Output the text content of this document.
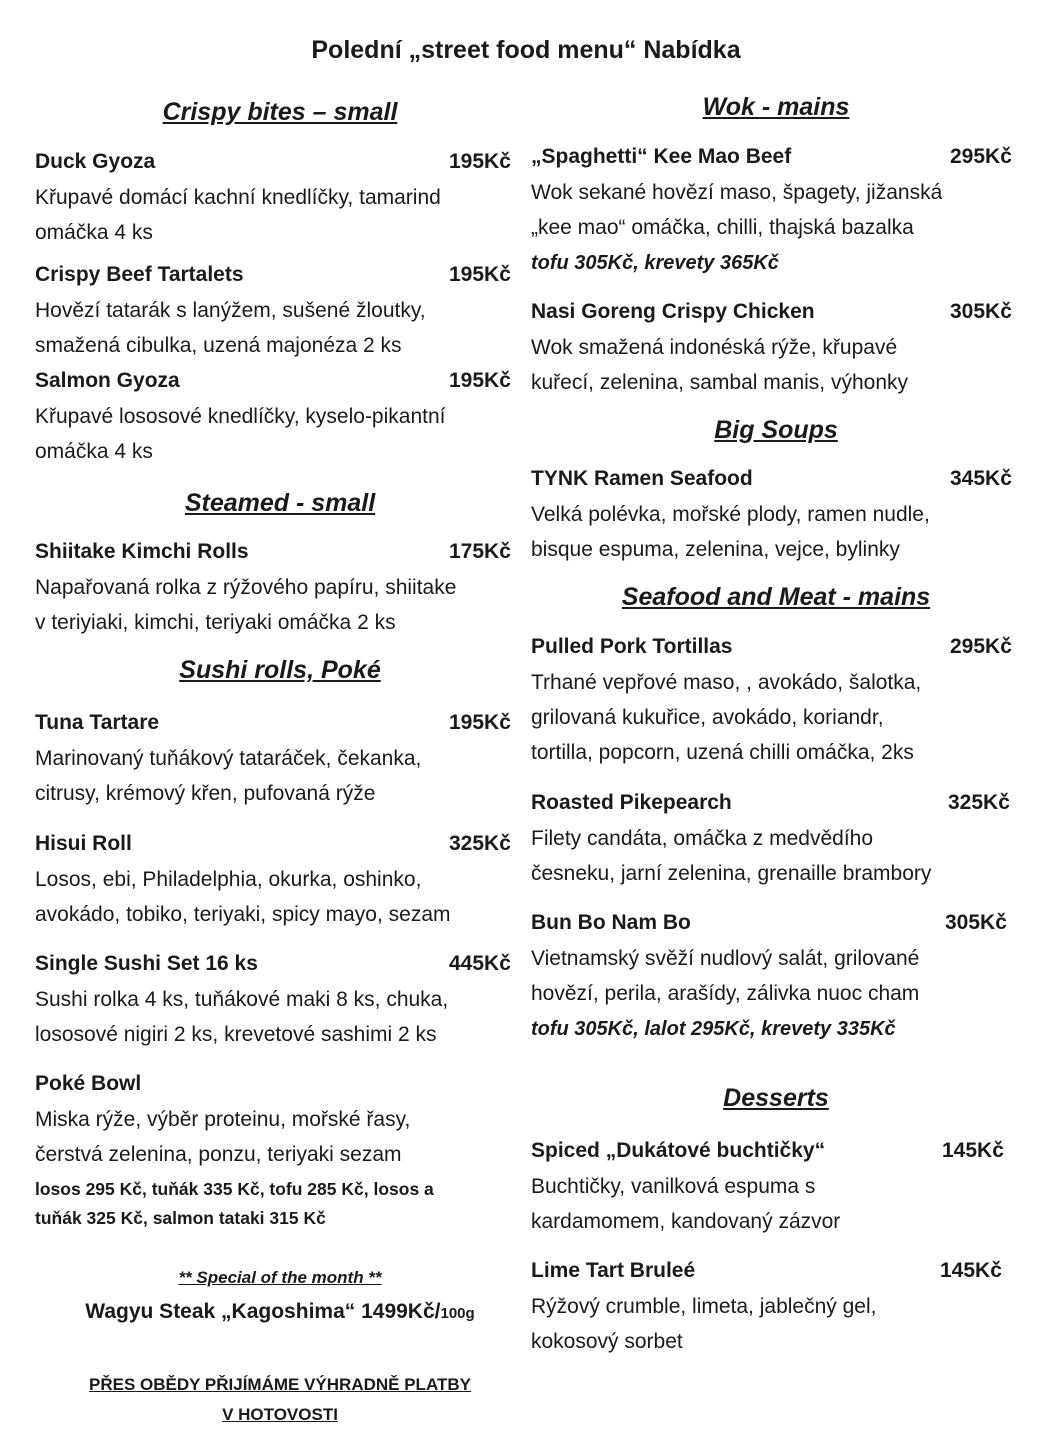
Polední „street food menu“ Nabídka
Crispy bites – small
Duck Gyoza	195Kč
Křupavé domácí kachní knedlíčky, tamarind
omáčka 4 ks
Crispy Beef Tartalets	195Kč
Hovězí tatarák s lanýžem, sušené žloutky,
smažená cibulka, uzená majonéza 2 ks
Salmon Gyoza	195Kč
Křupavé lososové knedlíčky, kyselo-pikantní
omáčka 4 ks
Steamed - small
Shiitake Kimchi Rolls	175Kč
Napařovaná rolka z rýžového papíru, shiitake
v teriyiaki, kimchi, teriyaki omáčka 2 ks
Sushi rolls, Poké
Tuna Tartare	195Kč
Marinovaný tuňákový tataráček, čekanka,
citrusy, krémový křen, pufovaná rýže
Hisui Roll	325Kč
Losos, ebi, Philadelphia, okurka, oshinko,
avokádo, tobiko, teriyaki, spicy mayo, sezam
Single Sushi Set 16 ks	445Kč
Sushi rolka 4 ks, tuňákové maki 8 ks, chuka,
lososové nigiri 2 ks, krevetové sashimi 2 ks
Poké Bowl
Miska rýže, výběr proteinu, mořské řasy,
čerstvá zelenina, ponzu, teriyaki sezam
losos 295 Kč, tuňák 335 Kč, tofu 285 Kč, losos a
tuňák 325 Kč, salmon tataki 315 Kč
** Special of the month **
Wagyu Steak „Kagoshima“ 1499Kč/100g
PŘES OBĚDY PŘIJÍMÁME VÝHRADNĚ PLATBY
V HOTOVOSTI
Wok - mains
„Spaghetti“ Kee Mao Beef	295Kč
Wok sekané hovězí maso, špagety, jižanská
„kee mao“ omáčka, chilli, thajská bazalka
tofu 305Kč, krevety 365Kč
Nasi Goreng Crispy Chicken	305Kč
Wok smažená indonéská rýže, křupavé
kuřecí, zelenina, sambal manis, výhonky
Big Soups
TYNK Ramen Seafood	345Kč
Velká polévka, mořské plody, ramen nudle,
bisque espuma, zelenina, vejce, bylinky
Seafood and Meat - mains
Pulled Pork Tortillas	295Kč
Trhané vepřové maso, , avokádo, šalotka,
grilovaná kukuřice, avokádo, koriandr,
tortilla, popcorn, uzená chilli omáčka, 2ks
Roasted Pikepearch	325Kč
Filety candáta, omáčka z medvědího
česneku, jarní zelenina, grenaille brambory
Bun Bo Nam Bo	305Kč
Vietnamský svěží nudlový salát, grilované
hovězí, perila, arašídy, zálivka nuoc cham
tofu 305Kč, lalot 295Kč, krevety 335Kč
Desserts
Spiced „Dukátové buchtičky“	145Kč
Buchtičky, vanilková espuma s
kardamomem, kandovaný zázvor
Lime Tart Bruleé	145Kč
Rýžový crumble, limeta, jablečný gel,
kokosový sorbet
